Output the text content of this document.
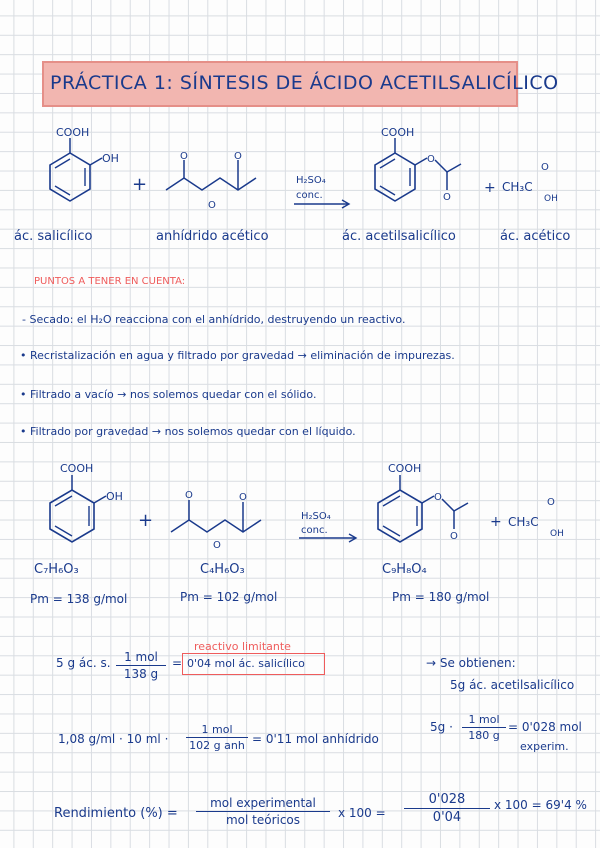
PRÁCTICA 1: SÍNTESIS DE ÁCIDO ACETILSALICÍLICO
COOH
OH
+
O	O
O
H₂SO₄
conc.
COOH
O
O
+ CH₃C
O
OH
ác. salicílico	anhídrido acético	ác. acetilsalicílico	ác. acético
PUNTOS A TENER EN CUENTA:
- Secado: el H₂O reacciona con el anhídrido, destruyendo un reactivo.
• Recristalización en agua y filtrado por gravedad → eliminación de impurezas.
• Filtrado a vacío → nos solemos quedar con el sólido.
• Filtrado por gravedad → nos solemos quedar con el líquido.
COOH
OH
+
O	O
O
H₂SO₄
conc.
COOH
O
O
+ CH₃C
O
OH
C₇H₆O₃	C₄H₆O₃	C₉H₈O₄
Pm = 138 g/mol	Pm = 102 g/mol	Pm = 180 g/mol
reactivo limitante
5 g ác. s.	1 mol
138 g
= 0'04 mol ác. salicílico	→ Se obtienen:
5g ác. acetilsalicílico
1,08 g/ml · 10 ml ·
1 mol
102 g anh = 0'11 mol anhídrido
5g ·
1 mol
180 g
= 0'028 mol
experim.
Rendimiento (%) =
mol experimental
mol teóricos	x 100 =
0'028
0'04
x 100 = 69'4 %
